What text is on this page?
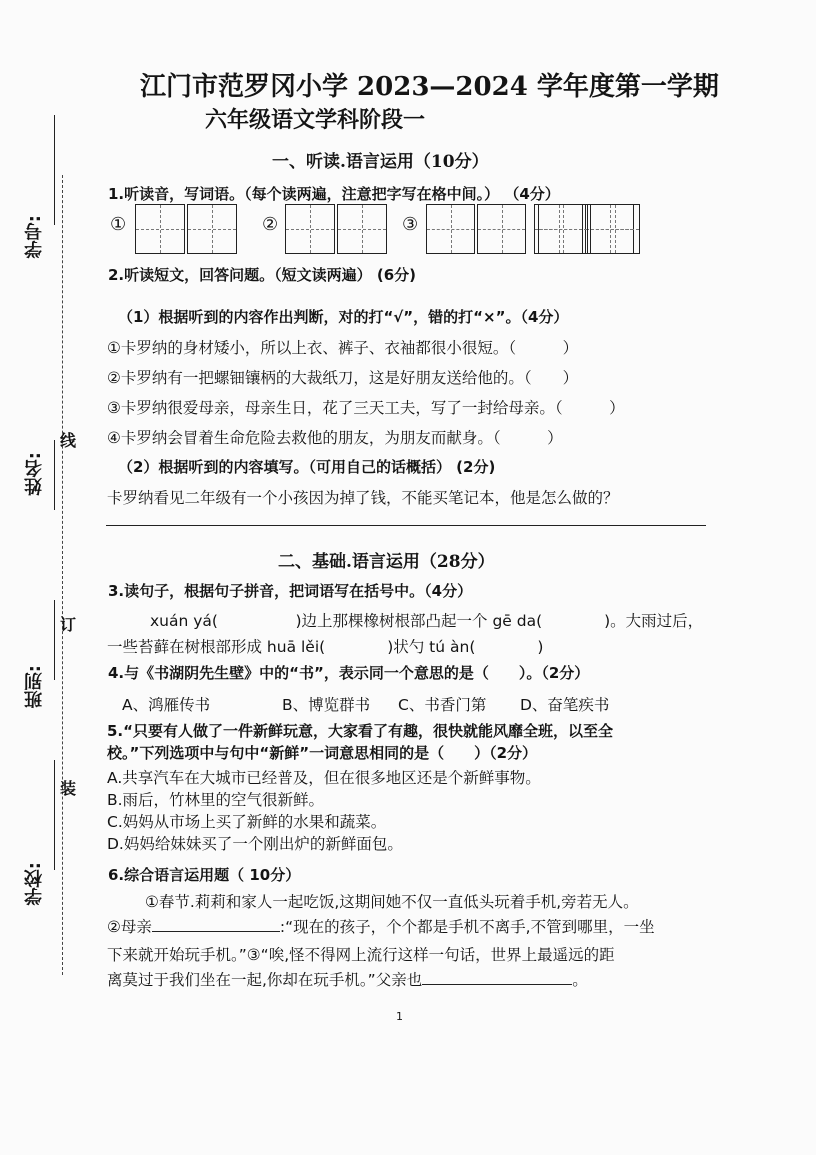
学号:
姓名:
班别:
学校:
线
订
装
江门市范罗冈小学 2023—2024 学年度第一学期
六年级语文学科阶段一
一、听读.语言运用（10分）
1.听读音，写词语。（每个读两遍，注意把字写在格中间。） （4分）
①	②	③
2.听读短文，回答问题。（短文读两遍） (6分)
（1）根据听到的内容作出判断，对的打“√”，错的打“×”。（4分）
①卡罗纳的身材矮小，所以上衣、裤子、衣袖都很小很短。（　　　）
②卡罗纳有一把螺钿镶柄的大裁纸刀，这是好朋友送给他的。（　　）
③卡罗纳很爱母亲，母亲生日，花了三天工夫，写了一封给母亲。（　　　）
④卡罗纳会冒着生命危险去救他的朋友，为朋友而献身。（　　　）
（2）根据听到的内容填写。（可用自己的话概括） (2分)
卡罗纳看见二年级有一个小孩因为掉了钱，不能买笔记本，他是怎么做的？
二、基础.语言运用（28分）
3.读句子，根据句子拼音，把词语写在括号中。（4分）
xuán yá(　　　　　)边上那棵橡树根部凸起一个 gē da(　　　　)。大雨过后，
一些苔藓在树根部形成 huā lěi(　　　　)状勺 tú àn(　　　　)
4.与《书湖阴先生壁》中的“书”，表示同一个意思的是（　　）。（2分）
A、鸿雁传书	B、博览群书 C、书香门第 D、奋笔疾书
5.“只要有人做了一件新鲜玩意，大家看了有趣，很快就能风靡全班，以至全
校。”下列选项中与句中“新鲜”一词意思相同的是（　　）（2分）
A.共享汽车在大城市已经普及，但在很多地区还是个新鲜事物。
B.雨后，竹林里的空气很新鲜。
C.妈妈从市场上买了新鲜的水果和蔬菜。
D.妈妈给妹妹买了一个刚出炉的新鲜面包。
6.综合语言运用题（ 10分）
①春节.莉莉和家人一起吃饭,这期间她不仅一直低头玩着手机,旁若无人。
②母亲	:“现在的孩子，个个都是手机不离手,不管到哪里，一坐
下来就开始玩手机。”③“唉,怪不得网上流行这样一句话，世界上最遥远的距
离莫过于我们坐在一起,你却在玩手机。”父亲也	。
1
